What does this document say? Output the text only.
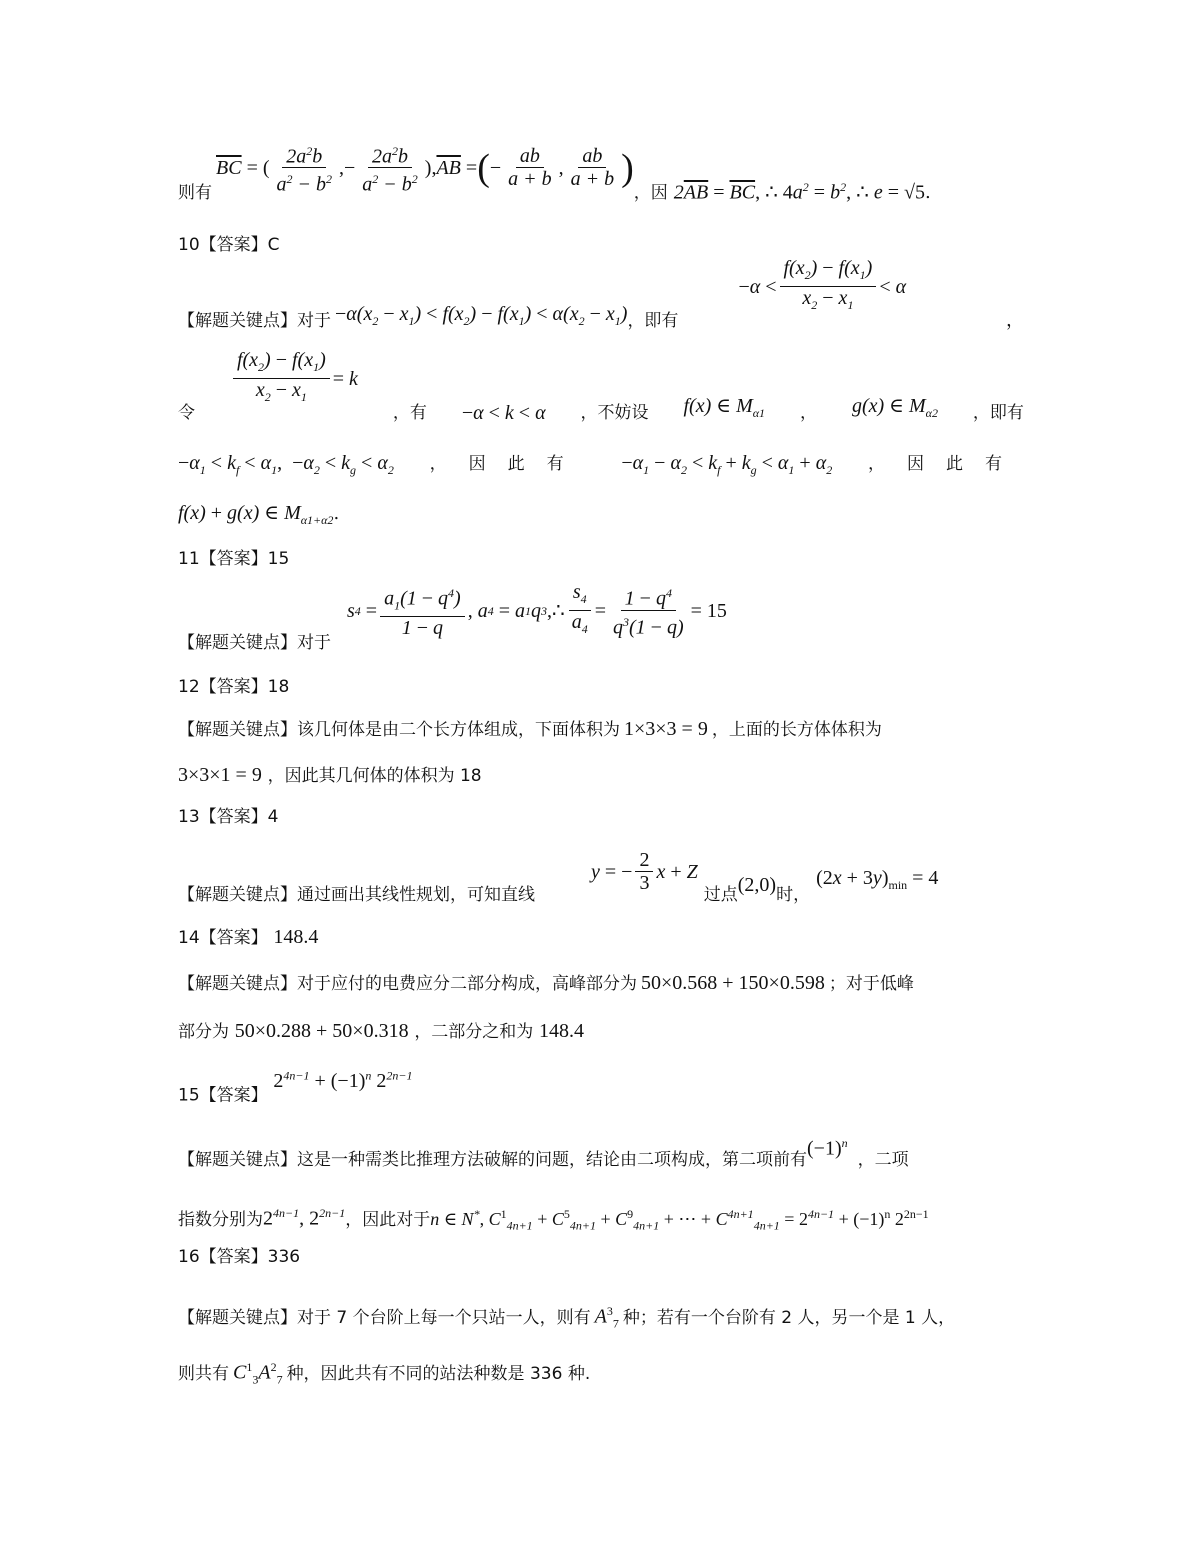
则有
$\overline{BC}$
=
( $\frac{2a^2b}{a^2 - b^2}$ , − $\frac{2a^2b}{a^2 - b^2}$ ), $\overline{AB}$
= ( − $\frac{ab}{a + b}$ , $\frac{ab}{a + b}$ )
，因 $2\overline{AB} = \overline{BC}$, ∴ $4a^2 = b^2$, ∴ e = √5 .
10【答案】C
【解题关键点】对于 $-\alpha(x_2 - x_1) < f(x_2) - f(x_1) < \alpha(x_2 - x_1)$ ，即有
− $\alpha < \frac{f(x_2) - f(x_1)}{x_2 - x_1} < \alpha$
，
令
$\frac{f(x_2) - f(x_1)}{x_2 - x_1} = k$
，有 −α < k < α ，不妨设 f(x) ∈ $M_{\alpha 1}$ ， g(x) ∈ $M_{\alpha 2}$ ，即有
$-\alpha_1 < k_f < \alpha_1$, $-\alpha_2 < k_g < \alpha_2$ ，因此有 $-\alpha_1 - \alpha_2 < k_f + k_g < \alpha_1 + \alpha_2$ ，因此有
f(x) + g(x) ∈ $M_{\alpha 1+\alpha 2}$.
11【答案】15
【解题关键点】对于
s 4
= $\frac{a_1(1 - q^4)}{1 - q}$ , a 4
= a 1 q 3 ,∴ $\frac{s_4}{a_4} = \frac{1 - q^4}{q^3(1 - q)} = 15$
12【答案】18
【解题关键点】该几何体是由二个长方体组成，下面体积为 1×3×3 = 9 ，上面的长方体体积为
3×3×1 = 9 ，因此其几何体的体积为 18
13【答案】4
【解题关键点】通过画出其线性规划，可知直线
y = − $\frac{2}{3}$ x + Z
过点 (2,0) 时，
$(2x + 3y)_{min} = 4$
14【答案】 148.4
【解题关键点】对于应付的电费应分二部分构成，高峰部分为 50×0.568 + 150×0.598 ；对于低峰
部分为 50×0.288 + 50×0.318 ，二部分之和为 148.4
15【答案】 $2^{4n-1} + (-1)^n$ $2^{2n-1}$
【解题关键点】这是一种需类比推理方法破解的问题，结论由二项构成，第二项前有 $(-1)^n$
，二项
指数分别为 $2^{4n-1}$, $2^{2n-1}$ ，因此对于 n ∈ N*, $C^1_{4n+1} + C^5_{4n+1} + C^9_{4n+1}$ + ⋯ + $C^{4n+1}_{4n+1} = 2^{4n-1} + (-1)^n$ $2^{2n-1}$
16【答案】336
【解题关键点】对于 7 个台阶上每一个只站一人，则有 $A^3_7$ 种；若有一个台阶有 2 人，另一个是 1 人，
则共有 $C^1_3A^2_7$ 种，因此共有不同的站法种数是 336 种.
